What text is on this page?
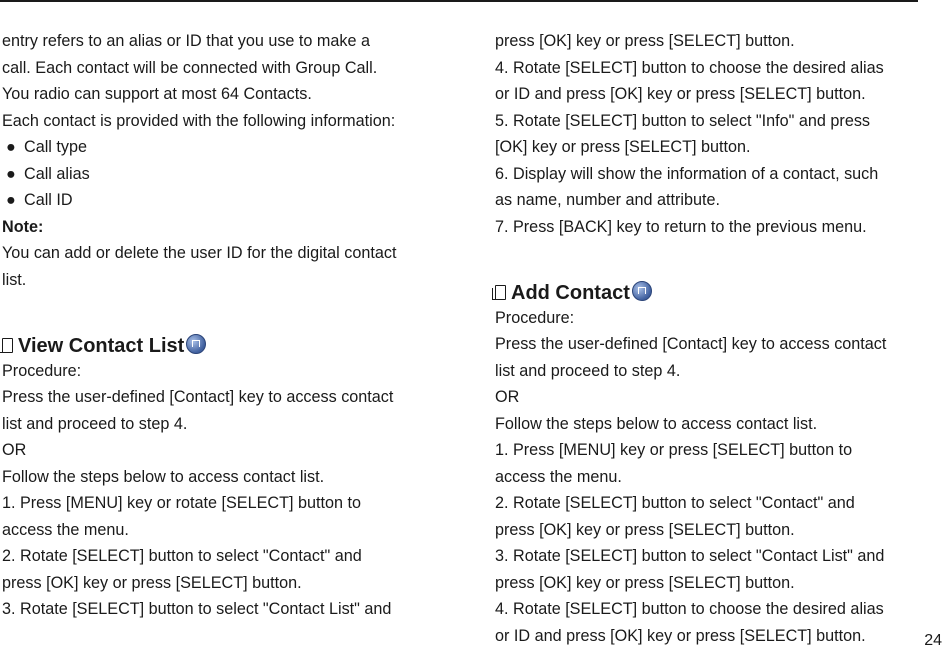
entry refers to an alias or ID that you use to make a
call. Each contact will be connected with Group Call.
You radio can support at most 64 Contacts.
Each contact is provided with the following information:
● Call type
● Call alias
● Call ID
Note:
You can add or delete the user ID for the digital contact
list.
View Contact List
Procedure:
Press the user-defined [Contact] key to access contact
list and proceed to step 4.
OR
Follow the steps below to access contact list.
1. Press [MENU] key or rotate [SELECT] button to
access the menu.
2. Rotate [SELECT] button to select "Contact" and
press [OK] key or press [SELECT] button.
3. Rotate [SELECT] button to select "Contact List" and
press [OK] key or press [SELECT] button.
4. Rotate [SELECT] button to choose the desired alias
or ID and press [OK] key or press [SELECT] button.
5. Rotate [SELECT] button to select "Info" and press
[OK] key or press [SELECT] button.
6. Display will show the information of a contact, such
as name, number and attribute.
7. Press [BACK] key to return to the previous menu.
Add Contact
Procedure:
Press the user-defined [Contact] key to access contact
list and proceed to step 4.
OR
Follow the steps below to access contact list.
1. Press [MENU] key or press [SELECT] button to
access the menu.
2. Rotate [SELECT] button to select "Contact" and
press [OK] key or press [SELECT] button.
3. Rotate [SELECT] button to select "Contact List" and
press [OK] key or press [SELECT] button.
4. Rotate [SELECT] button to choose the desired alias
or ID and press [OK] key or press [SELECT] button.	24
